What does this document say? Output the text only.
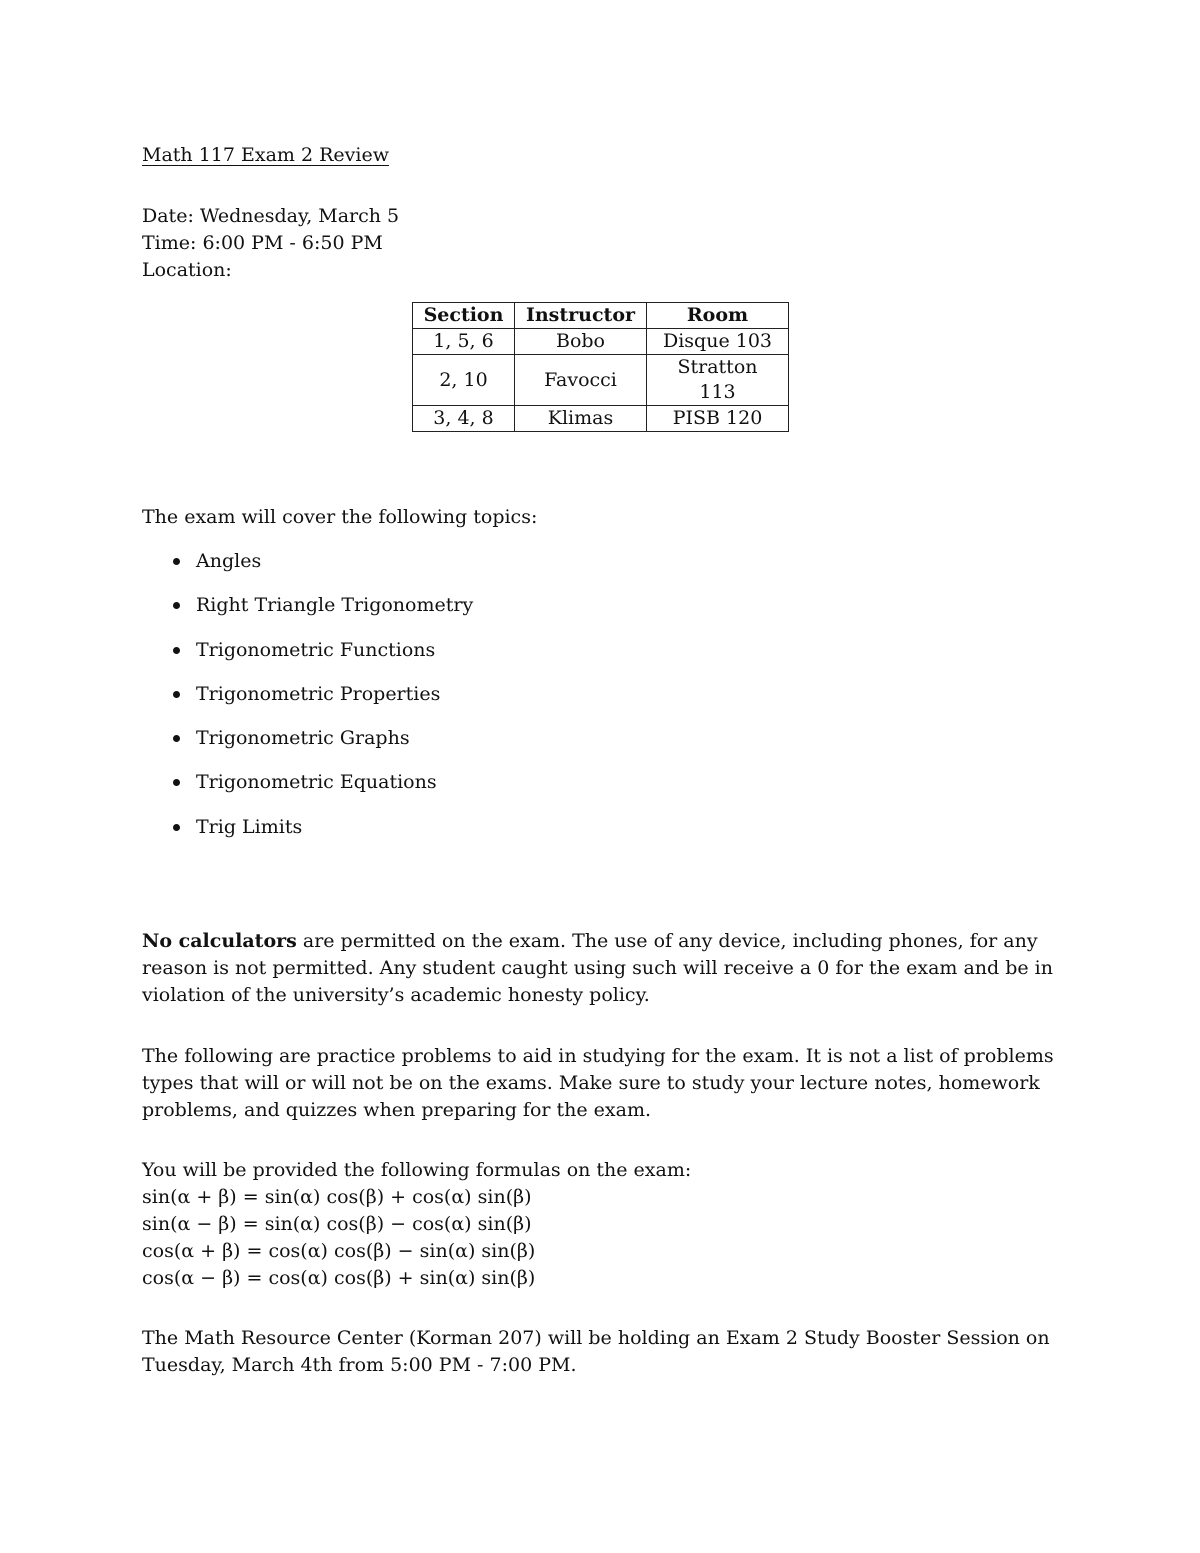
Math 117 Exam 2 Review
Date: Wednesday, March 5
Time: 6:00 PM - 6:50 PM
Location:
Section	Instructor	Room
1, 5, 6	Bobo	Disque 103
2, 10	Favocci	Stratton 113
3, 4, 8	Klimas	PISB 120
The exam will cover the following topics:
Angles
Right Triangle Trigonometry
Trigonometric Functions
Trigonometric Properties
Trigonometric Graphs
Trigonometric Equations
Trig Limits

No calculators are permitted on the exam. The use of any device, including phones, for any reason is not permitted. Any student caught using such will receive a 0 for the exam and be in violation of the university’s academic honesty policy.

The following are practice problems to aid in studying for the exam. It is not a list of problems types that will or will not be on the exams. Make sure to study your lecture notes, homework problems, and quizzes when preparing for the exam.

You will be provided the following formulas on the exam:
sin(α + β) = sin(α) cos(β) + cos(α) sin(β)
sin(α − β) = sin(α) cos(β) − cos(α) sin(β)
cos(α + β) = cos(α) cos(β) − sin(α) sin(β)
cos(α − β) = cos(α) cos(β) + sin(α) sin(β)

The Math Resource Center (Korman 207) will be holding an Exam 2 Study Booster Session on Tuesday, March 4th from 5:00 PM - 7:00 PM.
